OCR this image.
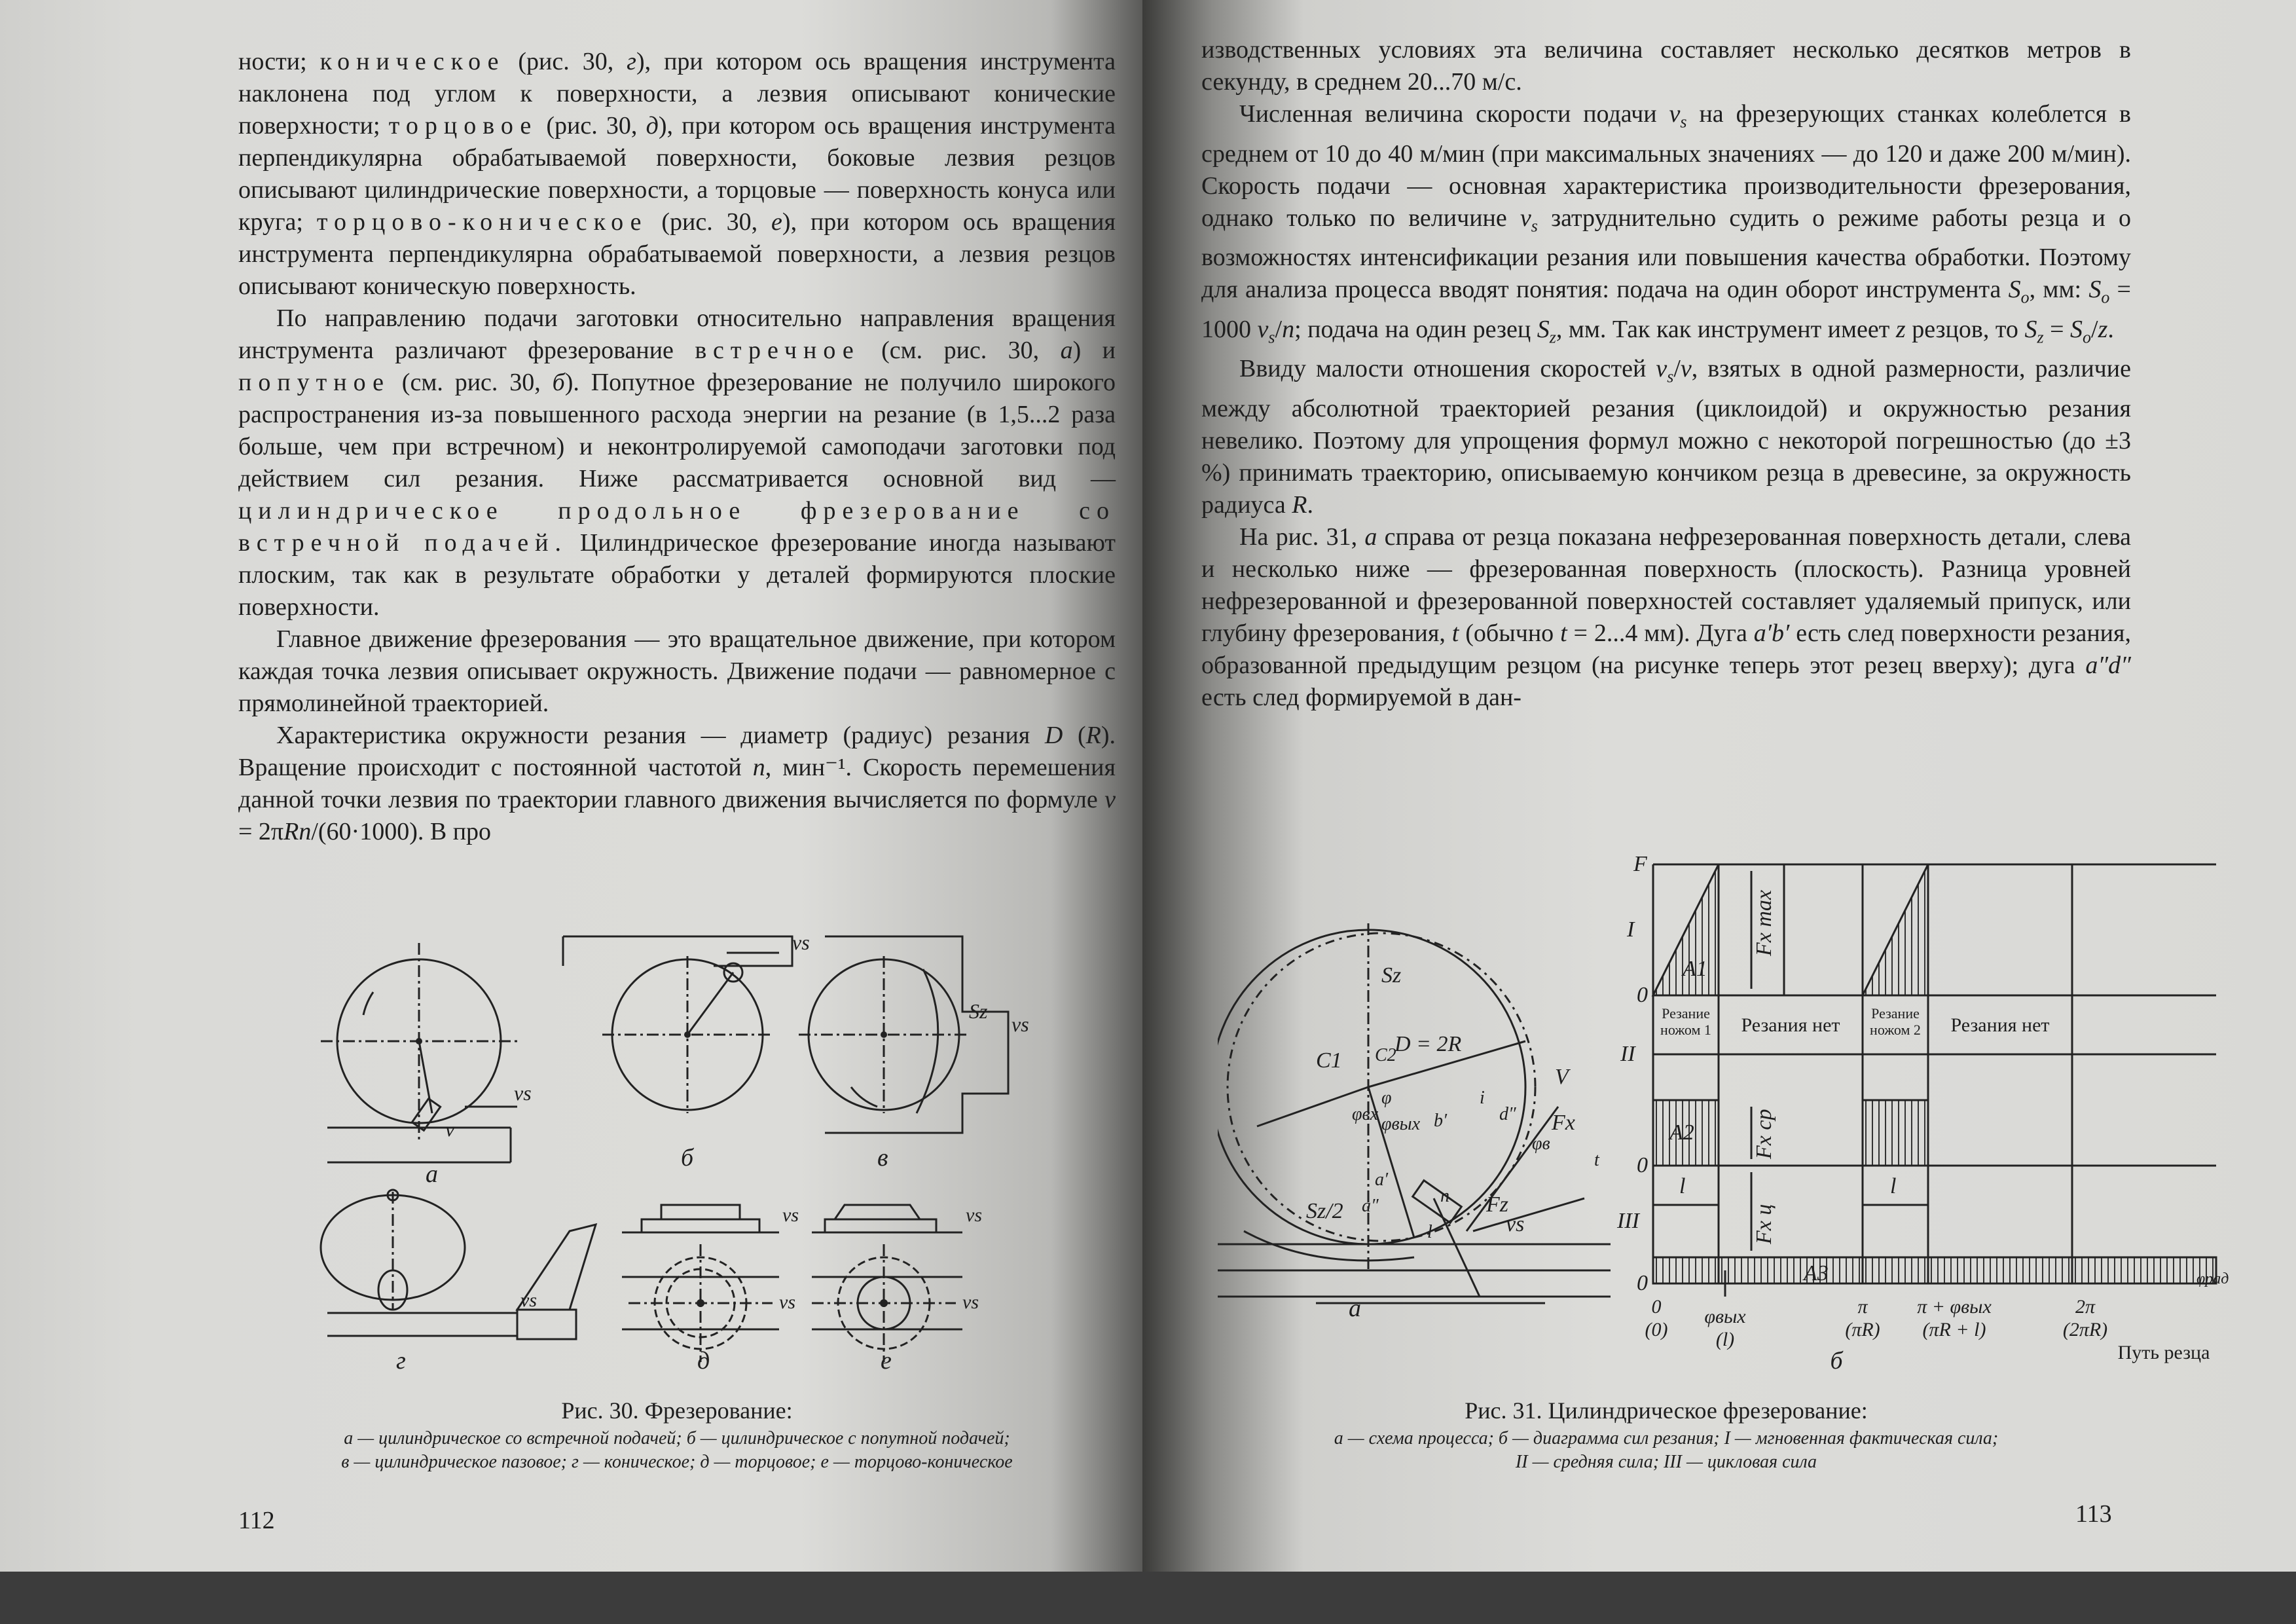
ности; коническое (рис. 30, г), при котором ось вращения инструмента наклонена под углом к поверхности, а лезвия описывают конические поверхности; торцовое (рис. 30, д), при котором ось вращения инструмента перпендикулярна обрабатываемой поверхности, боковые лезвия резцов описывают цилиндрические поверхности, а торцовые — поверхность конуса или круга; торцово-коническое (рис. 30, е), при котором ось вращения инструмента перпендикулярна обрабатываемой поверхности, а лезвия резцов описывают коническую поверхность.

По направлению подачи заготовки относительно направления вращения инструмента различают фрезерование встречное (см. рис. 30, а) и попутное (см. рис. 30, б). Попутное фрезерование не получило широкого распространения из-за повышенного расхода энергии на резание (в 1,5...2 раза больше, чем при встречном) и неконтролируемой самоподачи заготовки под действием сил резания. Ниже рассматривается основной вид — цилиндрическое продольное фрезерование со встречной подачей. Цилиндрическое фрезерование иногда называют плоским, так как в результате обработки у деталей формируются плоские поверхности.

Главное движение фрезерования — это вращательное движение, при котором каждая точка лезвия описывает окружность. Движение подачи — равномерное с прямолинейной траекторией.

Характеристика окружности резания — диаметр (радиус) резания D (R). Вращение происходит с постоянной частотой n, мин⁻¹. Скорость перемешения данной точки лезвия по траектории главного движения вычисляется по формуле v = 2πRn/(60·1000). В про

а
б	в
г	д	е
v
vs
vs
Sz
vs
vs
vs
vs
vs
vs
Рис. 30. Фрезерование:
а — цилиндрическое со встречной подачей; б — цилиндрическое с попутной подачей;
в — цилиндрическое пазовое; г — коническое; д — торцовое; е — торцово-коническое
112

изводственных условиях эта величина составляет несколько десятков метров в секунду, в среднем 20...70 м/с.

Численная величина скорости подачи $v_s$ на фрезерующих станках колеблется в среднем от 10 до 40 м/мин (при максимальных значениях — до 120 и даже 200 м/мин). Скорость подачи — основная характеристика производительности фрезерования, однако только по величине $v_s$ затруднительно судить о режиме работы резца и о возможностях интенсификации резания или повышения качества обработки. Поэтому для анализа процесса вводят понятия: подача на один оборот инструмента $S_o$, мм: $S_o = 1000$ $v_s/n$; подача на один резец $S_z$, мм. Так как инструмент имеет z резцов, то $S_z = S_o/z$.

Ввиду малости отношения скоростей $v_s/v$, взятых в одной размерности, различие между абсолютной траекторией резания (циклоидой) и окружностью резания невелико. Поэтому для упрощения формул можно с некоторой погрешностью (до ±3 %) принимать траекторию, описываемую кончиком резца в древесине, за окружность радиуса R.

На рис. 31, а справа от резца показана нефрезерованная поверхность детали, слева и несколько ниже — фрезерованная поверхность (плоскость). Разница уровней нефрезерованной и фрезерованной поверхностей составляет удаляемый припуск, или глубину фрезерования, t (обычно t = 2...4 мм). Дуга a′b′ есть след поверхности резания, образованной предыдущим резцом (на рисунке теперь этот резец вверху); дуга a″d″ есть след формируемой в дан-

Sz
D = 2R
C1 C2
Sz/2
φвх
φ
φвых
φв
a′
a″
b′	d″
i
n
l
t
V
Fx
Fz
vs
а
F
I
II
III
0
0
0
A1
A2
A3
Fx max
Fx ср
Fx ц
l	l
φрад
Резание
ножом 1
Резание
ножом 2
Резания нет	Резания нет
0
(0)
φвых
(l)
π
(πR)
π + φвых
(πR + l)
2π
(2πR)
б	Путь резца
Рис. 31. Цилиндрическое фрезерование:
а — схема процесса; б — диаграмма сил резания; I — мгновенная фактическая сила;
II — средняя сила; III — цикловая сила
113
